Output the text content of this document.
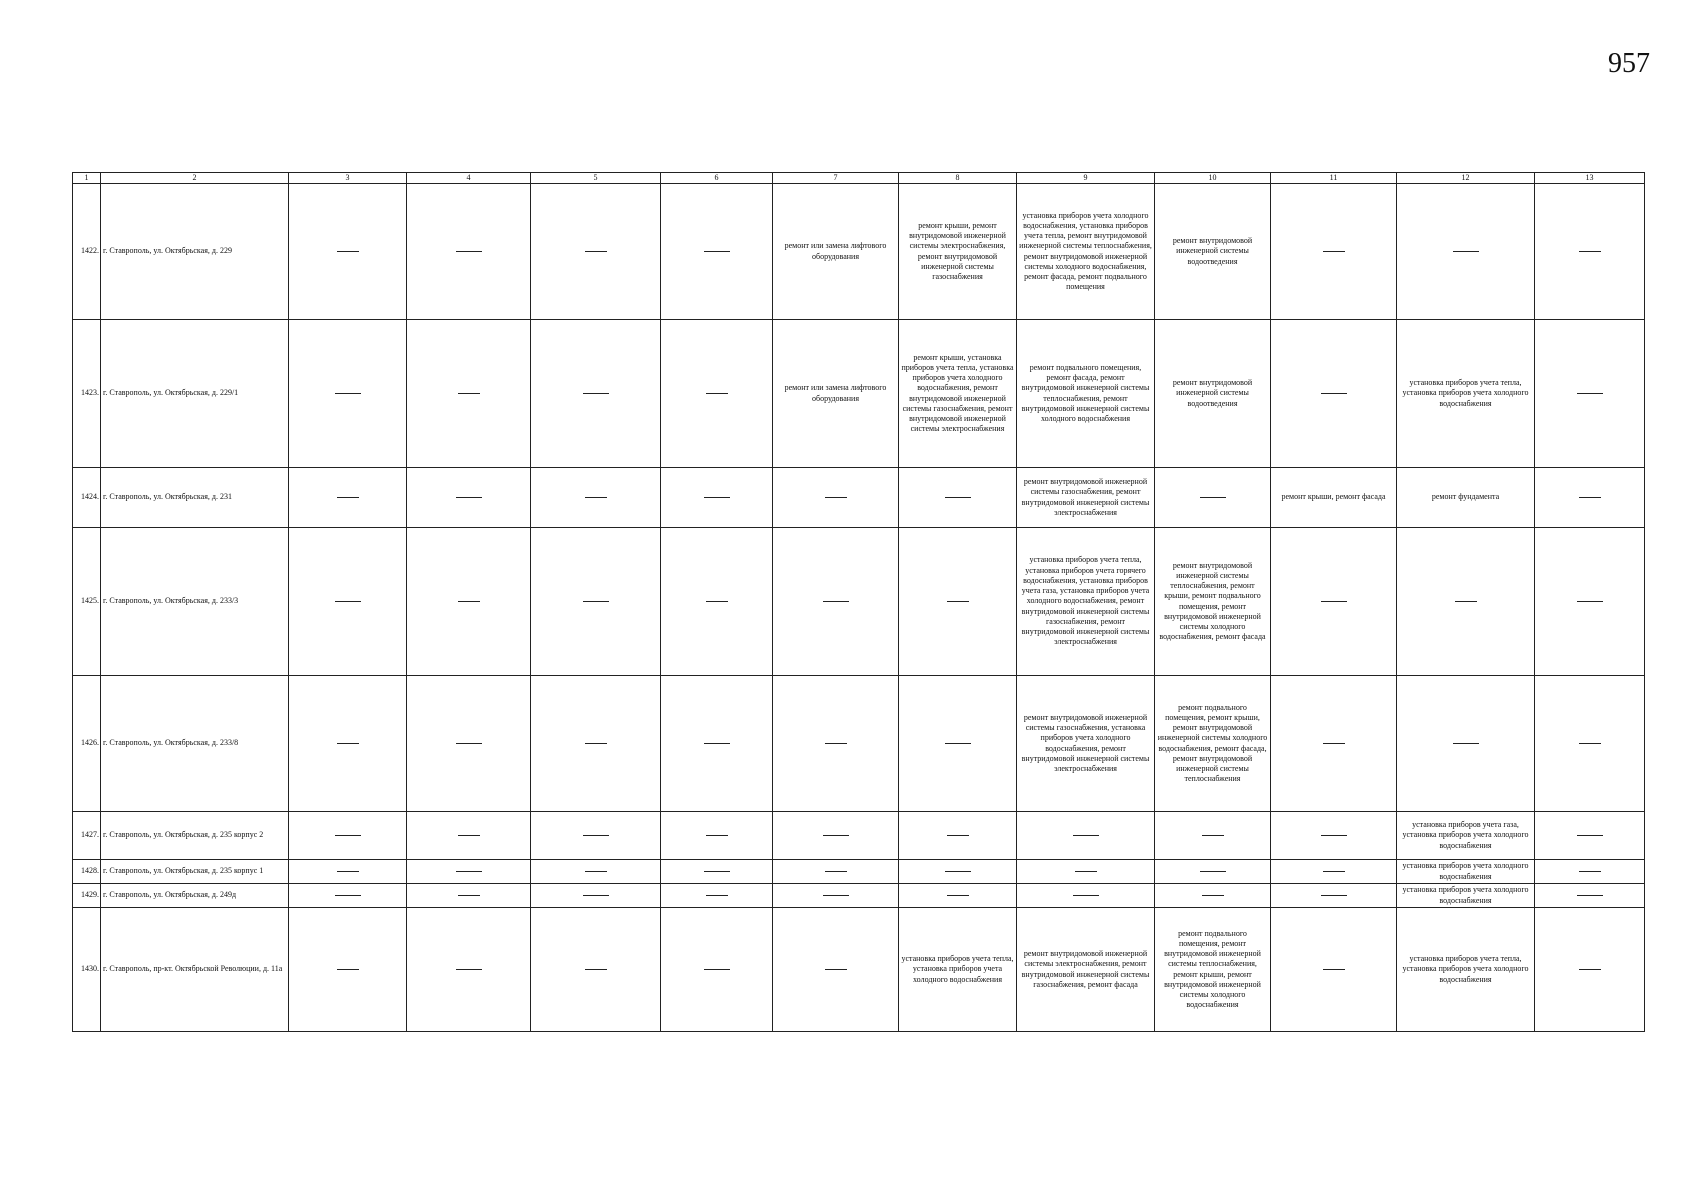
957
1	2	3	4	5	6	7	8	9	10	11	12	13
1422.	г. Ставрополь, ул. Октябрьская, д. 229					ремонт или замена лифтового оборудования	ремонт крыши, ремонт внутридомовой инженерной системы электроснабжения, ремонт внутридомовой инженерной системы газоснабжения	установка приборов учета холодного водоснабжения, установка приборов учета тепла, ремонт внутридомовой инженерной системы теплоснабжения, ремонт внутридомовой инженерной системы холодного водоснабжения, ремонт фасада, ремонт подвального помещения	ремонт внутридомовой инженерной системы водоотведения			
1423.	г. Ставрополь, ул. Октябрьская, д. 229/1					ремонт или замена лифтового оборудования	ремонт крыши, установка приборов учета тепла, установка приборов учета холодного водоснабжения, ремонт внутридомовой инженерной системы газоснабжения, ремонт внутридомовой инженерной системы электроснабжения	ремонт подвального помещения, ремонт фасада, ремонт внутридомовой инженерной системы теплоснабжения, ремонт внутридомовой инженерной системы холодного водоснабжения	ремонт внутридомовой инженерной системы водоотведения		установка приборов учета тепла, установка приборов учета холодного водоснабжения	
1424.	г. Ставрополь, ул. Октябрьская, д. 231							ремонт внутридомовой инженерной системы газоснабжения, ремонт внутридомовой инженерной системы электроснабжения		ремонт крыши, ремонт фасада	ремонт фундамента	
1425.	г. Ставрополь, ул. Октябрьская, д. 233/3							установка приборов учета тепла, установка приборов учета горячего водоснабжения, установка приборов учета газа, установка приборов учета холодного водоснабжения, ремонт внутридомовой инженерной системы газоснабжения, ремонт внутридомовой инженерной системы электроснабжения	ремонт внутридомовой инженерной системы теплоснабжения, ремонт крыши, ремонт подвального помещения, ремонт внутридомовой инженерной системы холодного водоснабжения, ремонт фасада			
1426.	г. Ставрополь, ул. Октябрьская, д. 233/8							ремонт внутридомовой инженерной системы газоснабжения, установка приборов учета холодного водоснабжения, ремонт внутридомовой инженерной системы электроснабжения	ремонт подвального помещения, ремонт крыши, ремонт внутридомовой инженерной системы холодного водоснабжения, ремонт фасада, ремонт внутридомовой инженерной системы теплоснабжения			
1427.	г. Ставрополь, ул. Октябрьская, д. 235 корпус 2										установка приборов учета газа, установка приборов учета холодного водоснабжения	
1428.	г. Ставрополь, ул. Октябрьская, д. 235 корпус 1										установка приборов учета холодного водоснабжения	
1429.	г. Ставрополь, ул. Октябрьская, д. 249д										установка приборов учета холодного водоснабжения	
1430.	г. Ставрополь, пр-кт. Октябрьской Революции, д. 11а						установка приборов учета тепла, установка приборов учета холодного водоснабжения	ремонт внутридомовой инженерной системы электроснабжения, ремонт внутридомовой инженерной системы газоснабжения, ремонт фасада	ремонт подвального помещения, ремонт внутридомовой инженерной системы теплоснабжения, ремонт крыши, ремонт внутридомовой инженерной системы холодного водоснабжения		установка приборов учета тепла, установка приборов учета холодного водоснабжения	
